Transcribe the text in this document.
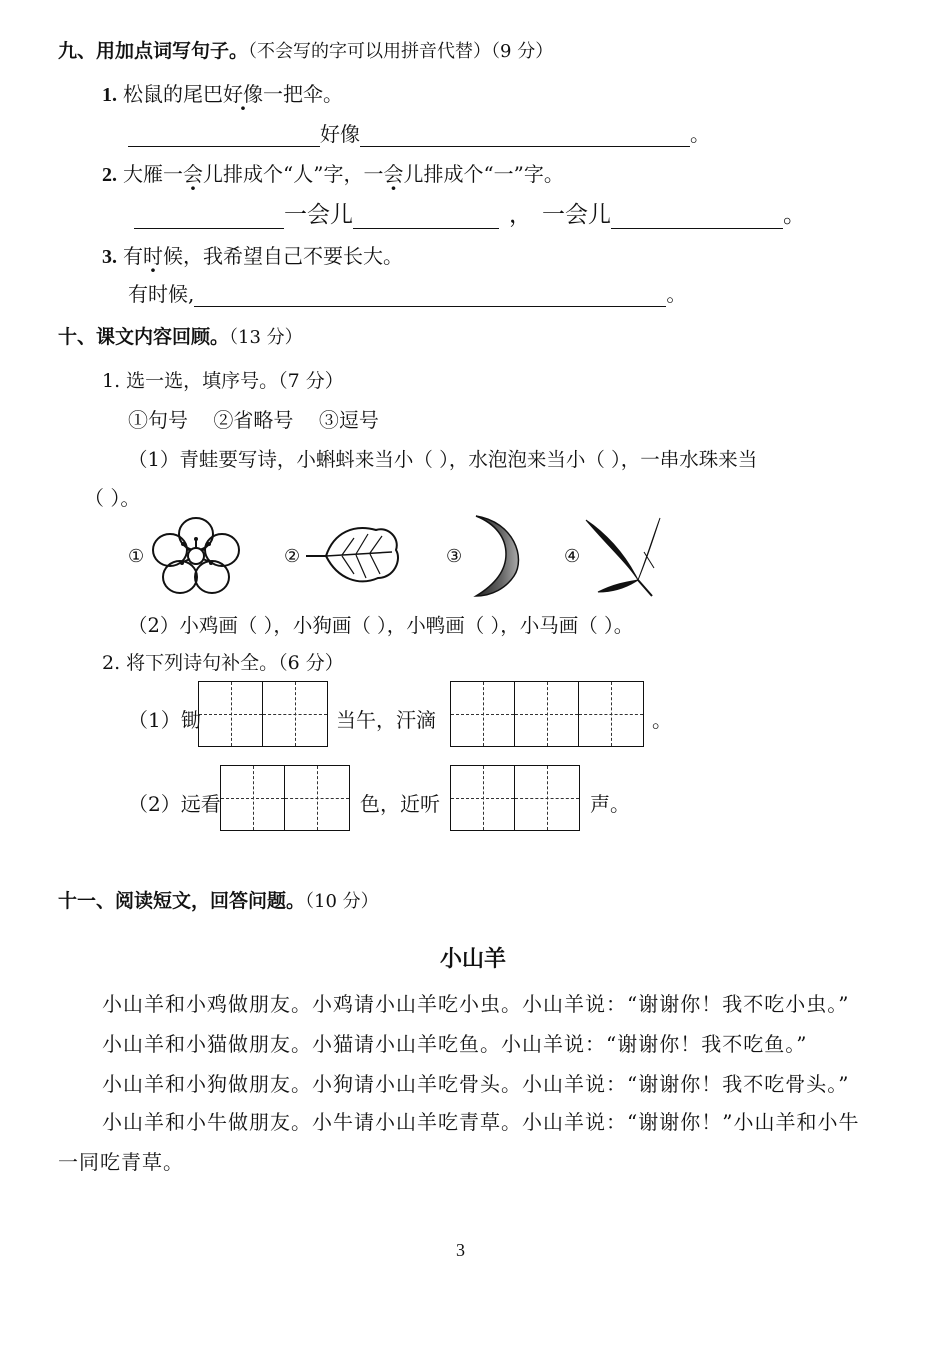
九、用加点词写句子。（不会写的字可以用拼音代替）（9 分）
1. 松鼠的尾巴好像一把伞。
好像	。
2. 大雁一会儿排成个“人”字，一会儿排成个“一”字。
一会儿	， 一会儿	。
3. 有时候，我希望自己不要长大。
有时候,	。
十、课文内容回顾。（13 分）
1. 选一选，填序号。（7 分）
①句号    ②省略号    ③逗号
（1）青蛙要写诗，小蝌蚪来当小（ ），水泡泡来当小（ ），一串水珠来当
（ ）。
①	②	③	④
（2）小鸡画（ ），小狗画（ ），小鸭画（ ），小马画（ ）。
2. 将下列诗句补全。（6 分）
（1）锄	当午，汗滴	。
（2）远看	色，近听	声。
十一、阅读短文，回答问题。（10 分）
小山羊
小山羊和小鸡做朋友。小鸡请小山羊吃小虫。小山羊说：“谢谢你！我不吃小虫。”
小山羊和小猫做朋友。小猫请小山羊吃鱼。小山羊说：“谢谢你！我不吃鱼。”
小山羊和小狗做朋友。小狗请小山羊吃骨头。小山羊说：“谢谢你！我不吃骨头。”
小山羊和小牛做朋友。小牛请小山羊吃青草。小山羊说：“谢谢你！”小山羊和小牛
一同吃青草。
3
